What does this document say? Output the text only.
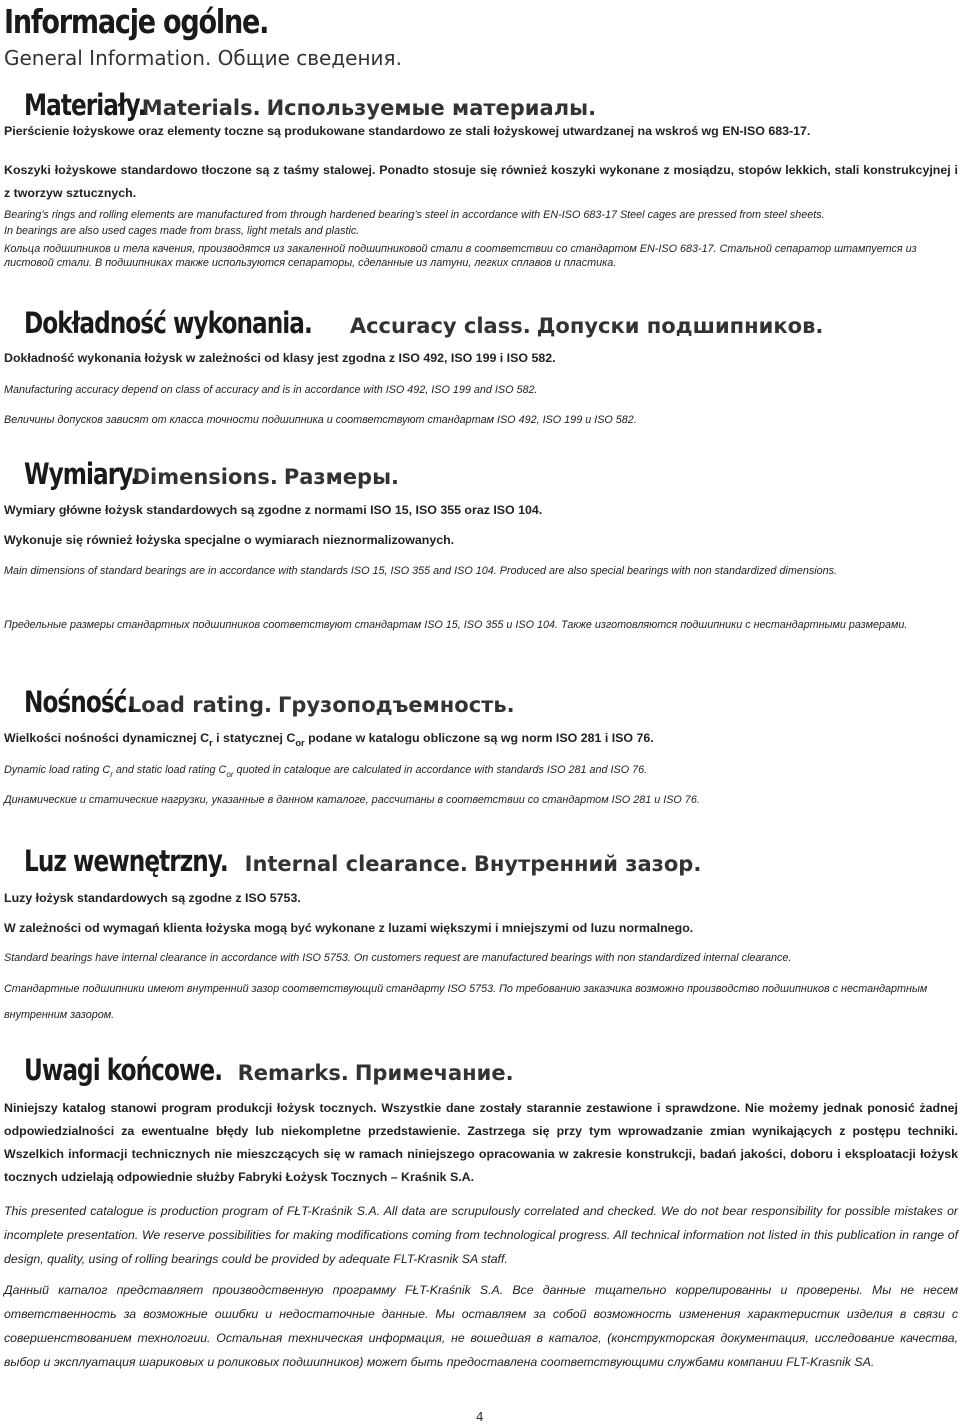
Informacje ogólne.

General Information. Общие сведения.

Materiały. Materials. Используемые материалы.

Pierścienie łożyskowe oraz elementy toczne są produkowane standardowo ze stali łożyskowej utwardzanej na wskroś wg EN-ISO 683-17.

Koszyki łożyskowe standardowo tłoczone są z taśmy stalowej. Ponadto stosuje się również koszyki wykonane z mosiądzu, stopów lekkich, stali konstrukcyjnej i z tworzyw sztucznych.

Bearing’s rings and rolling elements are manufactured from through hardened bearing’s steel in accordance with EN-ISO 683-17 Steel cages are pressed from steel sheets.

In bearings are also used cages made from brass, light metals and plastic.

Кольца подшипников и тела качения, производятся из закаленной подшипниковой стали в соответствии со стандартом EN-ISO 683-17. Стальной сепаратор штампуется из листовой стали. В подшипниках также используются сепараторы, сделанные из латуни, легких сплавов и пластика.

Dokładność wykonania. Accuracy class. Допуски подшипников.

Dokładność wykonania łożysk w zależności od klasy jest zgodna z ISO 492, ISO 199 i ISO 582.

Manufacturing accuracy depend on class of accuracy and is in accordance with ISO 492, ISO 199 and ISO 582.

Величины допусков зависят от класса точности подшипника и соответствуют стандартам ISO 492, ISO 199 и ISO 582.

Wymiary. Dimensions. Размеры.

Wymiary główne łożysk standardowych są zgodne z normami ISO 15, ISO 355 oraz ISO 104.

Wykonuje się również łożyska specjalne o wymiarach nieznormalizowanych.

Main dimensions of standard bearings are in accordance with standards ISO 15, ISO 355 and ISO 104. Produced are also special bearings with non standardized dimensions.

Предельные размеры стандартных подшипников соответствуют стандартам ISO 15, ISO 355 и ISO 104. Также изготовляются подшипники с нестандартными размерами.

Nośność. Load rating. Грузоподъемность.

Wielkości nośności dynamicznej $C_r$ i statycznej $C_{or}$ podane w katalogu obliczone są wg norm ISO 281 i ISO 76.

Dynamic load rating $C_r$ and static load rating $C_{or}$ quoted in cataloque are calculated in accordance with standards ISO 281 and ISO 76.

Динамические и статические нагрузки, указанные в данном каталоге, рассчитаны в соответствии со стандартом ISO 281 и ISO 76.

Luz wewnętrzny. Internal clearance. Внутренний зазор.

Luzy łożysk standardowych są zgodne z ISO 5753.

W zależności od wymagań klienta łożyska mogą być wykonane z luzami większymi i mniejszymi od luzu normalnego.

Standard bearings have internal clearance in accordance with ISO 5753. On customers request are manufactured bearings with non standardized internal clearance.

Стандартные подшипники имеют внутренний зазор соответствующий стандарту ISO 5753. По требованию заказчика возможно производство подшипников с нестандартным внутренним зазором.

Uwagi końcowe. Remarks. Примечание.

Niniejszy katalog stanowi program produkcji łożysk tocznych. Wszystkie dane zostały starannie zestawione i sprawdzone. Nie możemy jednak ponosić żadnej odpowiedzialności za ewentualne błędy lub niekompletne przedstawienie. Zastrzega się przy tym wprowadzanie zmian wynikających z postępu techniki. Wszelkich informacji technicznych nie mieszczących się w ramach niniejszego opracowania w zakresie konstrukcji, badań jakości, doboru i eksploatacji łożysk tocznych udzielają odpowiednie służby Fabryki Łożysk Tocznych – Kraśnik S.A.

This presented catalogue is production program of FŁT-Kraśnik S.A. All data are scrupulously correlated and checked. We do not bear responsibility for possible mistakes or incomplete presentation. We reserve possibilities for making modifications coming from technological progress. All technical information not listed in this publication in range of design, quality, using of rolling bearings could be provided by adequate FLT-Krasnik SA staff.

Данный каталог представляет производственную программу FŁT-Kraśnik S.A. Все данные тщательно коррелированны и проверены. Мы не несем ответственность за возможные ошибки и недостаточные данные. Мы оставляем за собой возможность изменения характеристик изделия в связи с совершенствованием технологии. Остальная техническая информация, не вошедшая в каталог, (конструкторская документация, исследование качества, выбор и эксплуатация шариковых и роликовых подшипников) может быть предоставлена соответствующими службами компании FLT-Krasnik SA.

4
